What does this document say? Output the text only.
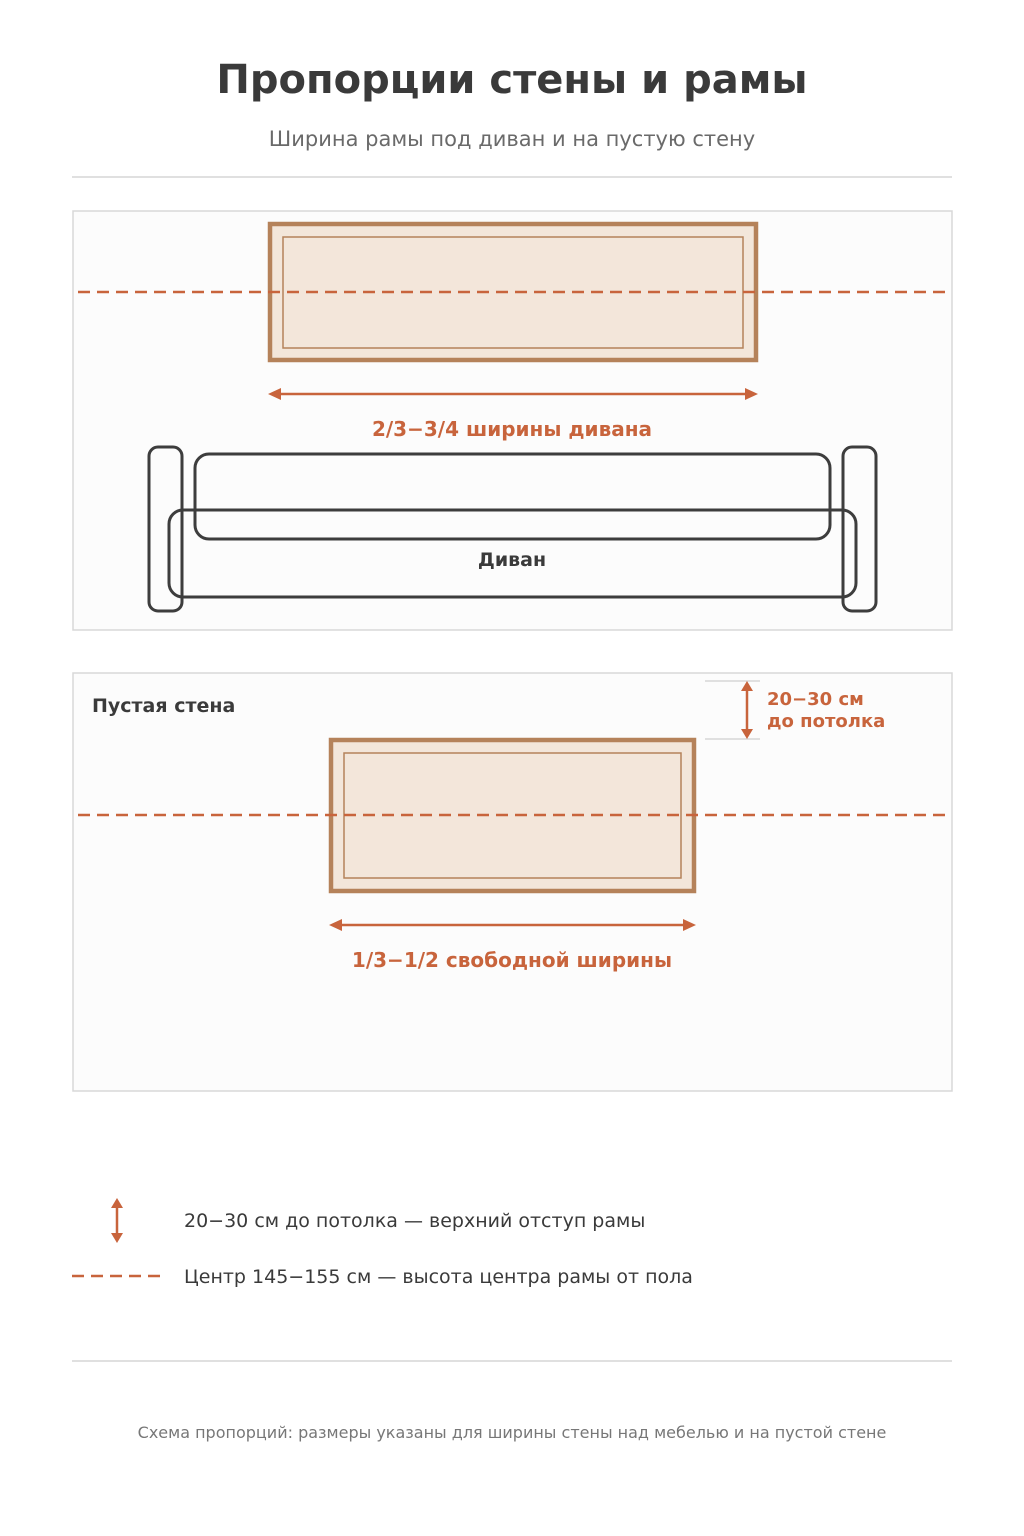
Пропорции стены и рамы
Ширина рамы под диван и на пустую стену
2/3−3/4 ширины дивана
Диван
Пустая стена	20−30 см
до потолка
1/3−1/2 свободной ширины
20−30 см до потолка — верхний отступ рамы
Центр 145−155 см — высота центра рамы от пола
Схема пропорций: размеры указаны для ширины стены над мебелью и на пустой стене
